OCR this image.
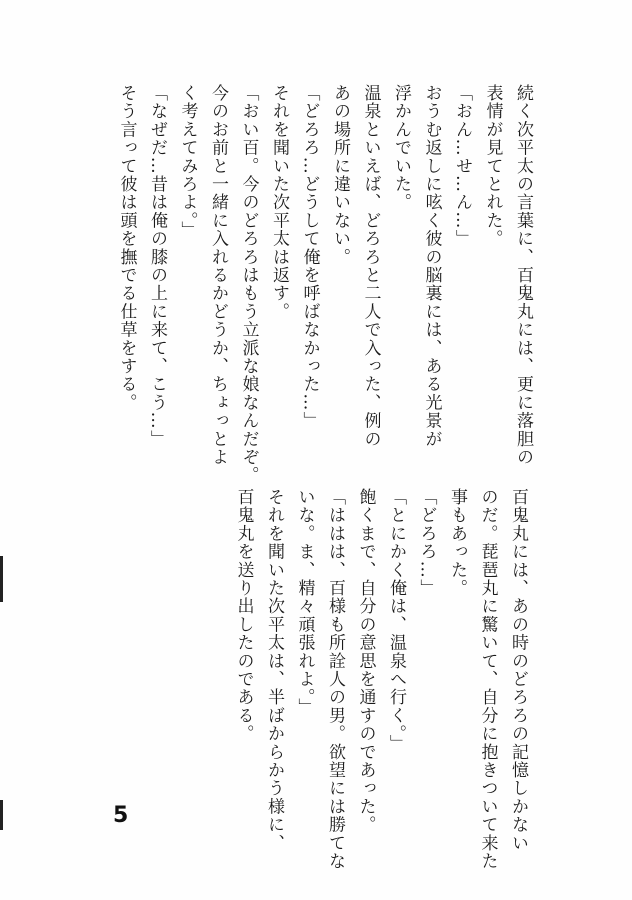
続く次平太の言葉に、百鬼丸には、更に落胆の

表情が見てとれた。

「おん…せ…ん…」

おうむ返しに呟く彼の脳裏には、ある光景が

浮かんでいた。

温泉といえば、どろろと二人で入った、例の

あの場所に違いない。

「どろろ…どうして俺を呼ばなかった…」

それを聞いた次平太は返す。

「おい百。今のどろろはもう立派な娘なんだぞ。

今のお前と一緒に入れるかどうか、ちょっとよ

く考えてみろよ。」

「なぜだ…昔は俺の膝の上に来て、こう…」

そう言って彼は頭を撫でる仕草をする。

百鬼丸には、あの時のどろろの記憶しかない

のだ。琵琶丸に驚いて、自分に抱きついて来た

事もあった。

「どろろ…」

「とにかく俺は、温泉へ行く。」

飽くまで、自分の意思を通すのであった。

「ははは、百様も所詮人の男。欲望には勝てな

いな。ま、精々頑張れよ。」

それを聞いた次平太は、半ばからかう様に、

百鬼丸を送り出したのである。

5
